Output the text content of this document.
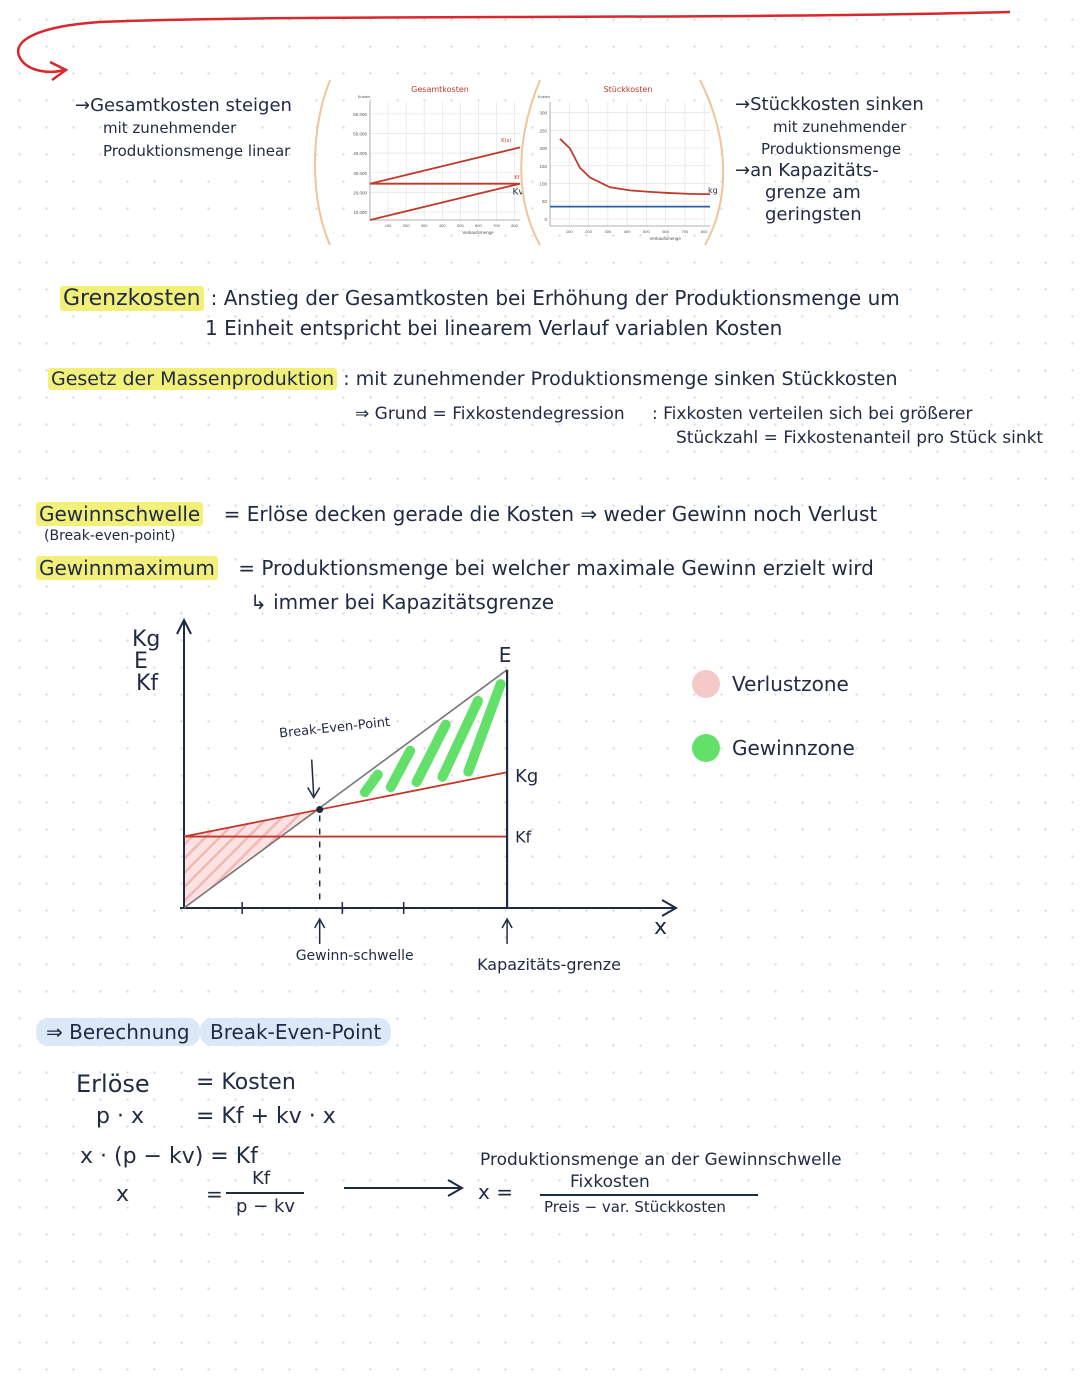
→Gesamtkosten steigen
mit zunehmender
Produktionsmenge linear
100	200	300	400	500	600	700	800
60.000
50.000
40.000
30.000
20.000
10.000
Gesamtkosten
Verkaufsmenge
Kosten
K(x)
Kf
Kv
100	200	300	400	500	600	700	800
300
250
200
150
100
50
0
Stückkosten
Verkaufsmenge
Kosten
kg
→Stückkosten sinken
mit zunehmender
Produktionsmenge
→an Kapazitäts-
grenze am
geringsten
Grenzkosten : Anstieg der Gesamtkosten bei Erhöhung der Produktionsmenge um
1 Einheit entspricht bei linearem Verlauf variablen Kosten
Gesetz der Massenproduktion : mit zunehmender Produktionsmenge sinken Stückkosten
⇒ Grund = Fixkostendegression : Fixkosten verteilen sich bei größerer
Stückzahl = Fixkostenanteil pro Stück sinkt
Gewinnschwelle = Erlöse decken gerade die Kosten ⇒ weder Gewinn noch Verlust
(Break-even-point)
Gewinnmaximum = Produktionsmenge bei welcher maximale Gewinn erzielt wird
↳ immer bei Kapazitätsgrenze
x
Kg
E
Kf
E
Kg
Kf
Break-Even-Point
Gewinn-schwelle	Kapazitäts-grenze
Verlustzone
Gewinnzone
⇒ Berechnung Break-Even-Point
Erlöse = Kosten
p · x = Kf + kv · x
x · (p − kv) = Kf
x	=
Kf
p − kv
Produktionsmenge an der Gewinnschwelle
x =	Fixkosten
Preis − var. Stückkosten
